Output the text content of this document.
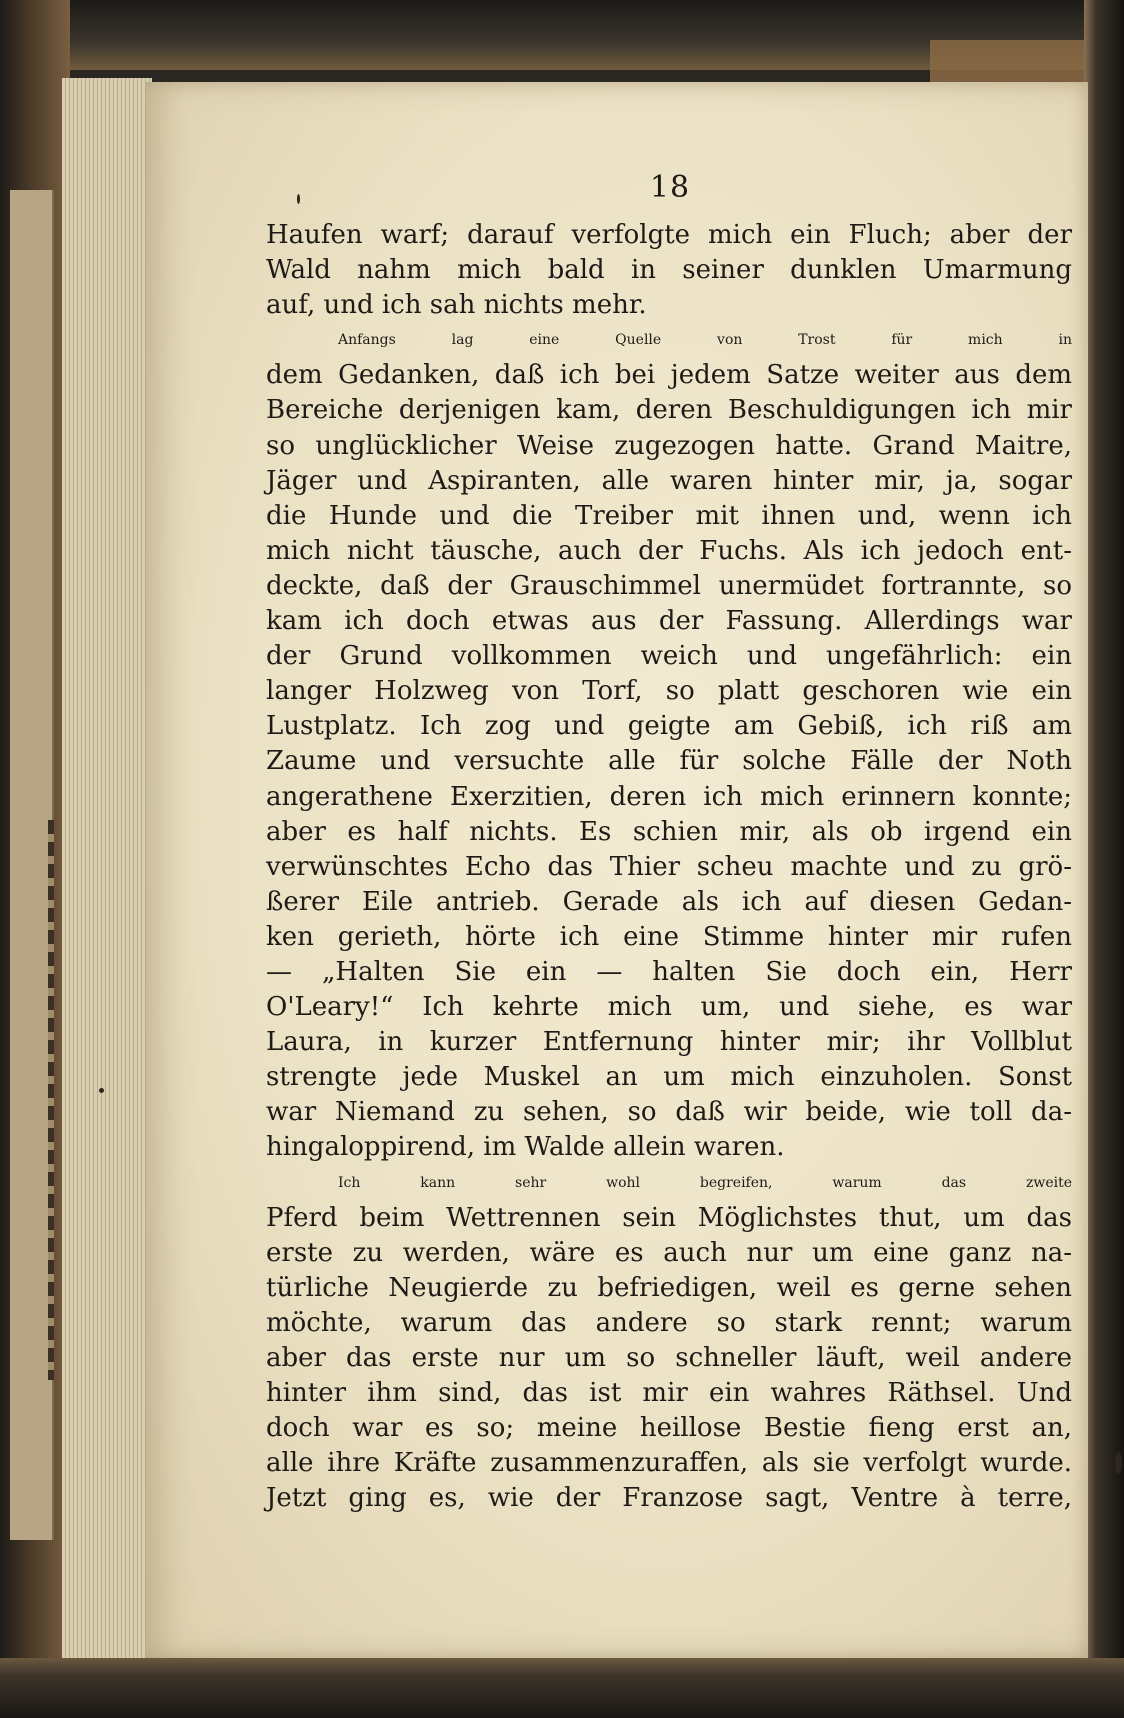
18
Haufen warf; darauf verfolgte mich ein Fluch; aber der
Wald nahm mich bald in seiner dunklen Umarmung
auf, und ich sah nichts mehr.
Anfangs lag eine Quelle von Trost für mich in
dem Gedanken, daß ich bei jedem Satze weiter aus dem
Bereiche derjenigen kam, deren Beschuldigungen ich mir
so unglücklicher Weise zugezogen hatte. Grand Maitre,
Jäger und Aspiranten, alle waren hinter mir, ja, sogar
die Hunde und die Treiber mit ihnen und, wenn ich
mich nicht täusche, auch der Fuchs. Als ich jedoch ent-
deckte, daß der Grauschimmel unermüdet fortrannte, so
kam ich doch etwas aus der Fassung. Allerdings war
der Grund vollkommen weich und ungefährlich: ein
langer Holzweg von Torf, so platt geschoren wie ein
Lustplatz. Ich zog und geigte am Gebiß, ich riß am
Zaume und versuchte alle für solche Fälle der Noth
angerathene Exerzitien, deren ich mich erinnern konnte;
aber es half nichts. Es schien mir, als ob irgend ein
verwünschtes Echo das Thier scheu machte und zu grö-
ßerer Eile antrieb. Gerade als ich auf diesen Gedan-
ken gerieth, hörte ich eine Stimme hinter mir rufen
— „Halten Sie ein — halten Sie doch ein, Herr
O'Leary!“ Ich kehrte mich um, und siehe, es war
Laura, in kurzer Entfernung hinter mir; ihr Vollblut
strengte jede Muskel an um mich einzuholen. Sonst
war Niemand zu sehen, so daß wir beide, wie toll da-
hingaloppirend, im Walde allein waren.
Ich kann sehr wohl begreifen, warum das zweite
Pferd beim Wettrennen sein Möglichstes thut, um das
erste zu werden, wäre es auch nur um eine ganz na-
türliche Neugierde zu befriedigen, weil es gerne sehen
möchte, warum das andere so stark rennt; warum
aber das erste nur um so schneller läuft, weil andere
hinter ihm sind, das ist mir ein wahres Räthsel. Und
doch war es so; meine heillose Bestie fieng erst an,
alle ihre Kräfte zusammenzuraffen, als sie verfolgt wurde.
Jetzt ging es, wie der Franzose sagt, Ventre à terre,
